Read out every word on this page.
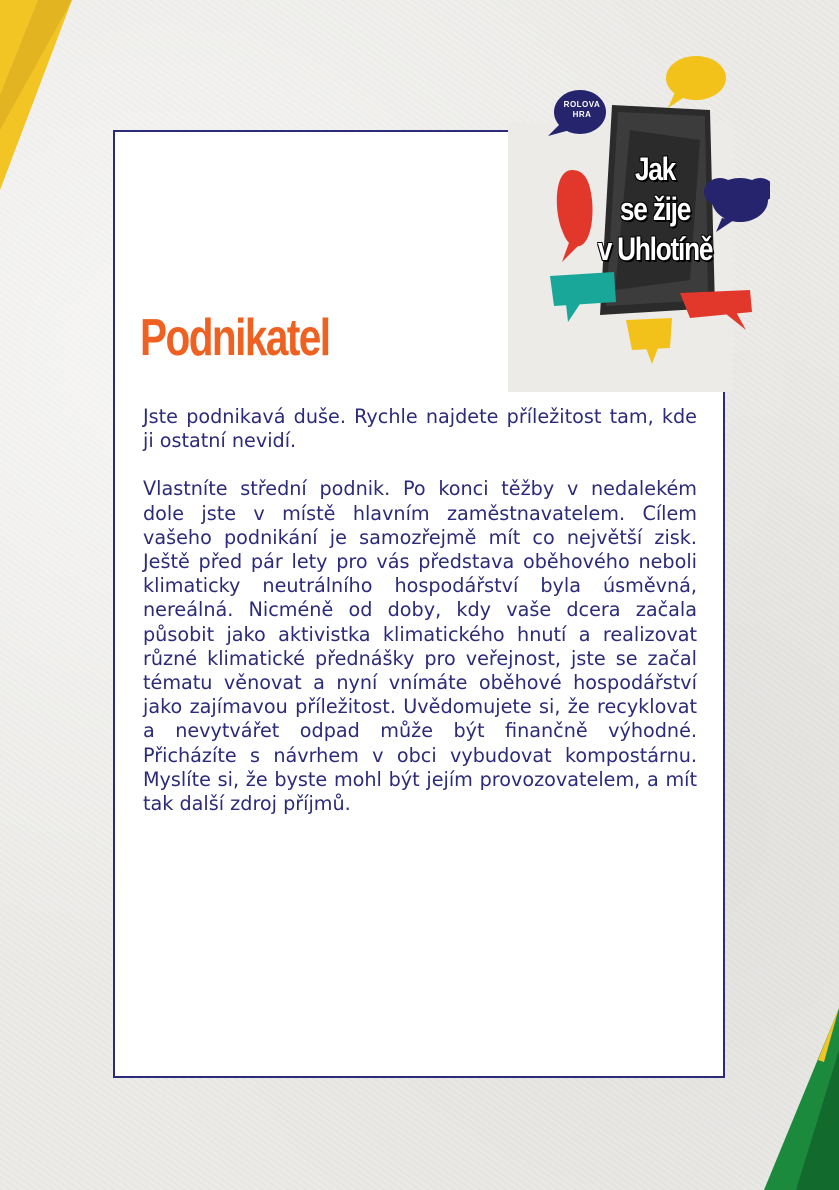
ROLOVA HRA
Jak
se žije
v Uhlotíně
Podnikatel

Jste podnikavá duše. Rychle najdete příležitost tam, kde ji ostatní nevidí.

Vlastníte střední podnik. Po konci těžby v nedalekém dole jste v místě hlavním zaměstnavatelem. Cílem vašeho podnikání je samozřejmě mít co největší zisk. Ještě před pár lety pro vás představa oběhového neboli klimaticky neutrálního hospodářství byla úsměvná, nereálná. Nicméně od doby, kdy vaše dcera začala působit jako aktivistka klimatického hnutí a realizovat různé klimatické přednášky pro veřejnost, jste se začal tématu věnovat a nyní vnímáte oběhové hospodářství jako zajímavou příležitost. Uvědomujete si, že recyklovat a nevytvářet odpad může být finančně výhodné. Přicházíte s návrhem v obci vybudovat kompostárnu. Myslíte si, že byste mohl být jejím provozovatelem, a mít tak další zdroj příjmů.
